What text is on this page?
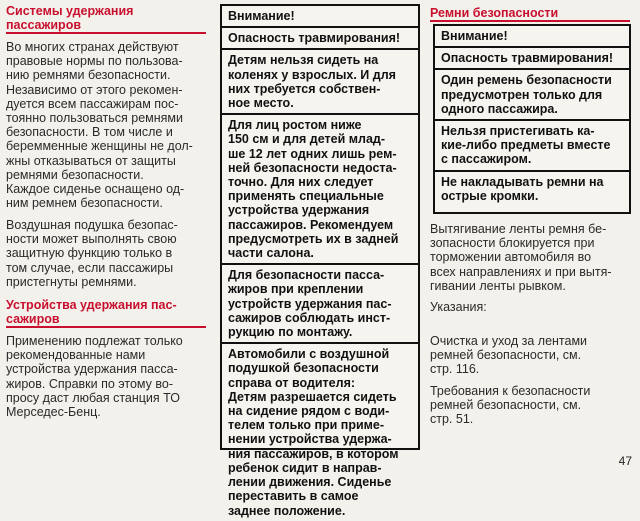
Системы удержания пассажиров

Во многих странах действуют
правовые нормы по пользова-
нию ремнями безопасности.
Независимо от этого рекомен-
дуется всем пассажирам пос-
тоянно пользоваться ремнями
безопасности. В том числе и
беремменные женщины не дол-
жны отказываться от защиты
ремнями безопасности.

Каждое сиденье оснащено од-
ним ремнем безопасности.

Воздушная подушка безопас-
ности может выполнять свою
защитную функцию только в
том случае, если пассажиры
пристегнуты ремнями.

Устройства удержания пас-
сажиров

Применению подлежат только
рекомендованные нами
устройства удержания пасса-
жиров. Справки по этому во-
просу даст любая станция ТО
Мерседес-Бенц.

Внимание!

Опасность травмирования!

Детям нельзя сидеть на
коленях у взрослых. И для
них требуется собствен-
ное место.

Для лиц ростом ниже
150 см и для детей млад-
ше 12 лет одних лишь рем-
ней безопасности недоста-
точно. Для них следует
применять специальные
устройства удержания
пассажиров. Рекомендуем
предусмотреть их в задней
части салона.

Для безопасности пасса-
жиров при креплении
устройств удержания пас-
сажиров соблюдать инст-
рукцию по монтажу.

Автомобили с воздушной
подушкой безопасности
справа от водителя:
Детям разрешается сидеть
на сидение рядом с води-
телем только при приме-
нении устройства удержа-
ния пассажиров, в котором
ребенок сидит в направ-
лении движения. Сиденье
переставить в самое
заднее положение.

Ремни безопасности

Внимание!

Опасность травмирования!

Один ремень безопасности
предусмотрен только для
одного пассажира.

Нельзя пристегивать ка-
кие-либо предметы вместе
с пассажиром.

Не накладывать ремни на
острые кромки.

Вытягивание ленты ремня бе-
зопасности блокируется при
торможении автомобиля во
всех направлениях и при вытя-
гивании ленты рывком.

Указания:

Очистка и уход за лентами
ремней безопасности, см.
стр. 116.

Требования к безопасности
ремней безопасности, см.
стр. 51.

47
